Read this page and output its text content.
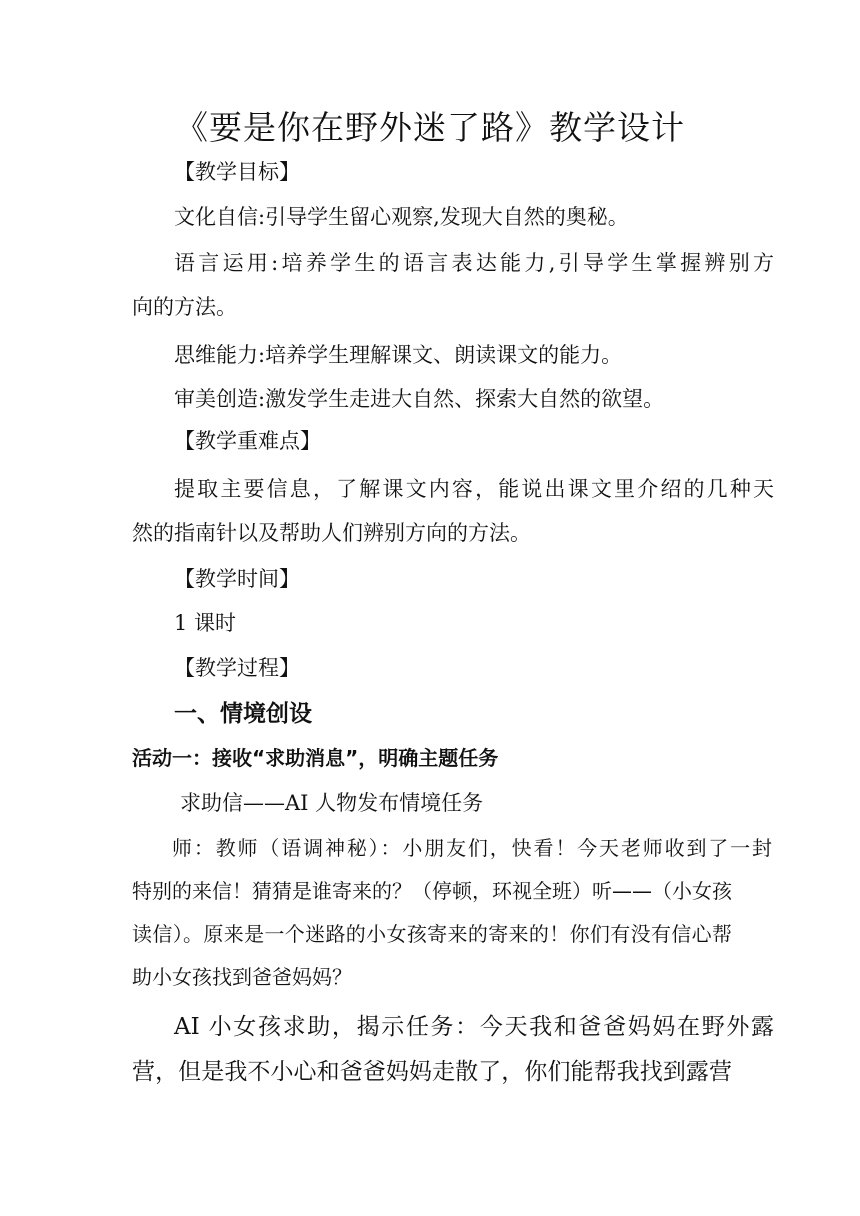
《要是你在野外迷了路》教学设计
【教学目标】
文化自信:引导学生留心观察,发现大自然的奥秘。
语言运用:培养学生的语言表达能力,引导学生掌握辨别方
向的方法。
思维能力:培养学生理解课文、朗读课文的能力。
审美创造:激发学生走进大自然、探索大自然的欲望。
【教学重难点】
提取主要信息，了解课文内容，能说出课文里介绍的几种天
然的指南针以及帮助人们辨别方向的方法。
【教学时间】
1 课时
【教学过程】
一、情境创设
活动一：接收“求助消息”，明确主题任务
求助信——AI 人物发布情境任务
师：教师（语调神秘）：小朋友们，快看！今天老师收到了一封
特别的来信！猜猜是谁寄来的？（停顿，环视全班）听——（小女孩
读信）。原来是一个迷路的小女孩寄来的寄来的！你们有没有信心帮
助小女孩找到爸爸妈妈？
AI 小女孩求助，揭示任务：今天我和爸爸妈妈在野外露
营，但是我不小心和爸爸妈妈走散了，你们能帮我找到露营
